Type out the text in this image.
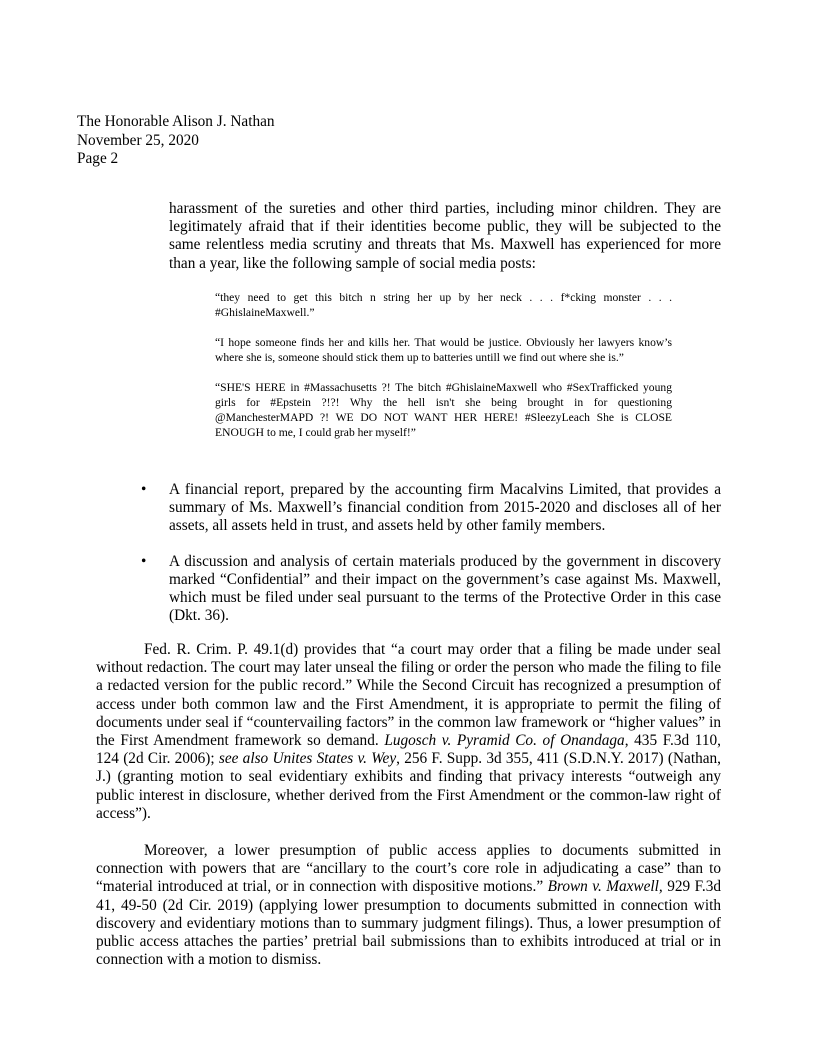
The Honorable Alison J. Nathan
November 25, 2020
Page 2
harassment of the sureties and other third parties, including minor children. They are legitimately afraid that if their identities become public, they will be subjected to the same relentless media scrutiny and threats that Ms. Maxwell has experienced for more than a year, like the following sample of social media posts:

“they need to get this bitch n string her up by her neck . . . f*cking monster . . . #GhislaineMaxwell.”

“I hope someone finds her and kills her. That would be justice. Obviously her lawyers know’s where she is, someone should stick them up to batteries untill we find out where she is.”

“SHE'S HERE in #Massachusetts ?! The bitch #GhislaineMaxwell who #SexTrafficked young girls for #Epstein ?!?! Why the hell isn't she being brought in for questioning @ManchesterMAPD ?! WE DO NOT WANT HER HERE! #SleezyLeach She is CLOSE ENOUGH to me, I could grab her myself!”

• A financial report, prepared by the accounting firm Macalvins Limited, that provides a summary of Ms. Maxwell’s financial condition from 2015-2020 and discloses all of her assets, all assets held in trust, and assets held by other family members.
• A discussion and analysis of certain materials produced by the government in discovery marked “Confidential” and their impact on the government’s case against Ms. Maxwell, which must be filed under seal pursuant to the terms of the Protective Order in this case (Dkt. 36).
Fed. R. Crim. P. 49.1(d) provides that “a court may order that a filing be made under seal without redaction. The court may later unseal the filing or order the person who made the filing to file a redacted version for the public record.” While the Second Circuit has recognized a presumption of access under both common law and the First Amendment, it is appropriate to permit the filing of documents under seal if “countervailing factors” in the common law framework or “higher values” in the First Amendment framework so demand. Lugosch v. Pyramid Co. of Onandaga, 435 F.3d 110, 124 (2d Cir. 2006); see also Unites States v. Wey, 256 F. Supp. 3d 355, 411 (S.D.N.Y. 2017) (Nathan, J.) (granting motion to seal evidentiary exhibits and finding that privacy interests “outweigh any public interest in disclosure, whether derived from the First Amendment or the common-law right of access”).
Moreover, a lower presumption of public access applies to documents submitted in connection with powers that are “ancillary to the court’s core role in adjudicating a case” than to “material introduced at trial, or in connection with dispositive motions.” Brown v. Maxwell, 929 F.3d 41, 49-50 (2d Cir. 2019) (applying lower presumption to documents submitted in connection with discovery and evidentiary motions than to summary judgment filings). Thus, a lower presumption of public access attaches the parties’ pretrial bail submissions than to exhibits introduced at trial or in connection with a motion to dismiss.
